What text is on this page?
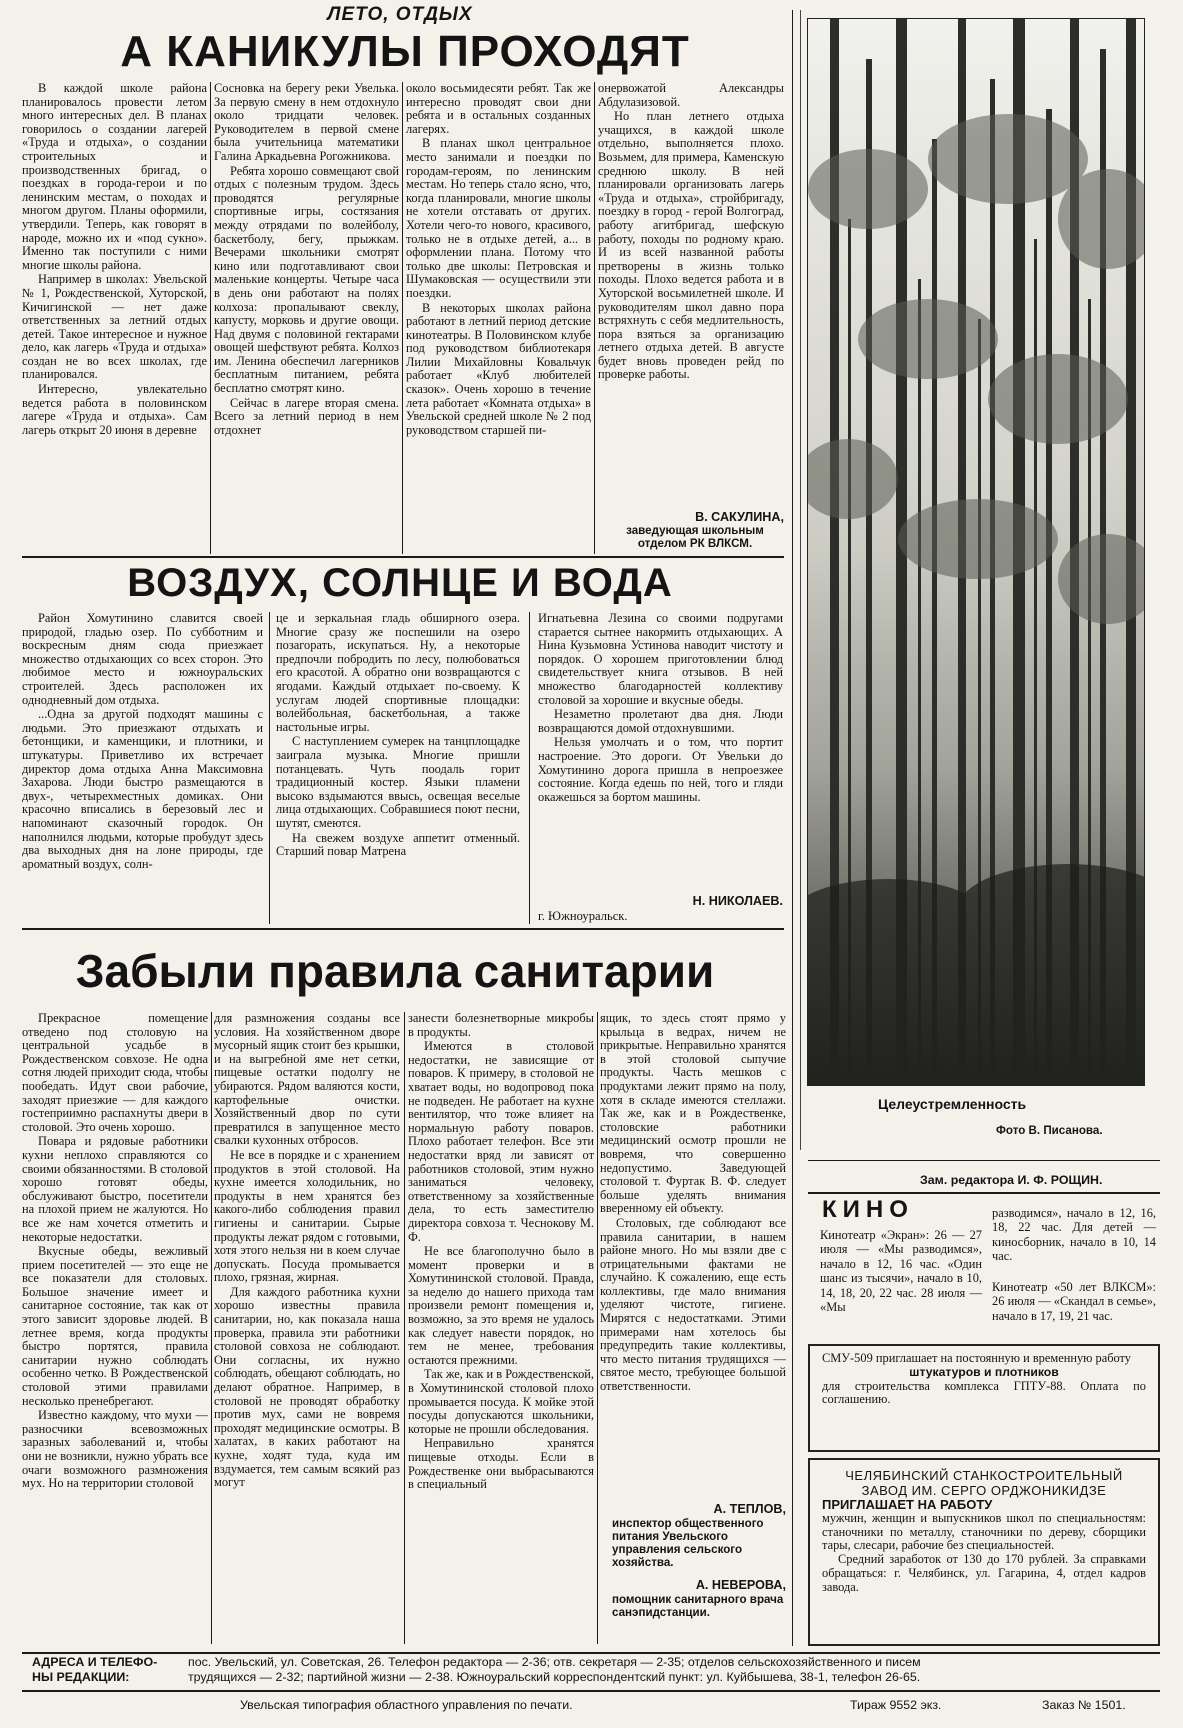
ЛЕТО, ОТДЫХ
А КАНИКУЛЫ ПРОХОДЯТ

В каждой школе района планировалось провести летом много интересных дел. В планах говорилось о создании лагерей «Труда и отдыха», о создании строительных и производственных бригад, о поездках в города-герои и по ленинским местам, о походах и многом другом. Планы оформили, утвердили. Теперь, как говорят в народе, можно их и «под сукно». Именно так поступили с ними многие школы района.

Например в школах: Увельской № 1, Рождественской, Хуторской, Кичигинской — нет даже ответственных за летний отдых детей. Такое интересное и нужное дело, как лагерь «Труда и отдыха» создан не во всех школах, где планировался.

Интересно, увлекательно ведется работа в половинском лагере «Труда и отдыха». Сам лагерь открыт 20 июня в деревне

Сосновка на берегу реки Увелька. За первую смену в нем отдохнуло около тридцати человек. Руководителем в первой смене была учительница математики Галина Аркадьевна Рогожникова.

Ребята хорошо совмещают свой отдых с полезным трудом. Здесь проводятся регулярные спортивные игры, состязания между отрядами по волейболу, баскетболу, бегу, прыжкам. Вечерами школьники смотрят кино или подготавливают свои маленькие концерты. Четыре часа в день они работают на полях колхоза: пропалывают свеклу, капусту, морковь и другие овощи. Над двумя с половиной гектарами овощей шефствуют ребята. Колхоз им. Ленина обеспечил лагерников бесплатным питанием, ребята бесплатно смотрят кино.

Сейчас в лагере вторая смена. Всего за летний период в нем отдохнет

около восьмидесяти ребят. Так же интересно проводят свои дни ребята и в остальных созданных лагерях.

В планах школ центральное место занимали и поездки по городам-героям, по ленинским местам. Но теперь стало ясно, что, когда планировали, многие школы не хотели отставать от других. Хотели чего-то нового, красивого, только не в отдыхе детей, а... в оформлении плана. Потому что только две школы: Петровская и Шумаковская — осуществили эти поездки.

В некоторых школах района работают в летний период детские кинотеатры. В Половинском клубе под руководством библиотекаря Лилии Михайловны Ковальчук работает «Клуб любителей сказок». Очень хорошо в течение лета работает «Комната отдыха» в Увельской средней школе № 2 под руководством старшей пи-

онервожатой Александры Абдулазизовой.

Но план летнего отдыха учащихся, в каждой школе отдельно, выполняется плохо. Возьмем, для примера, Каменскую среднюю школу. В ней планировали организовать лагерь «Труда и отдыха», стройбригаду, поездку в город - герой Волгоград, работу агитбригад, шефскую работу, походы по родному краю. И из всей названной работы претворены в жизнь только походы. Плохо ведется работа и в Хуторской восьмилетней школе. И руководителям школ давно пора встряхнуть с себя медлительность, пора взяться за организацию летнего отдыха детей. В августе будет вновь проведен рейд по проверке работы.

В. САКУЛИНА,
заведующая школьным отделом РК ВЛКСМ.
ВОЗДУХ, СОЛНЦЕ И ВОДА

Район Хомутинино славится своей природой, гладью озер. По субботним и воскресным дням сюда приезжает множество отдыхающих со всех сторон. Это любимое место и южноуральских строителей. Здесь расположен их однодневный дом отдыха.

...Одна за другой подходят машины с людьми. Это приезжают отдыхать и бетонщики, и каменщики, и плотники, и штукатуры. Приветливо их встречает директор дома отдыха Анна Максимовна Захарова. Люди быстро размещаются в двух-, четырехместных домиках. Они красочно вписались в березовый лес и напоминают сказочный городок. Он наполнился людьми, которые пробудут здесь два выходных дня на лоне природы, где ароматный воздух, солн-

це и зеркальная гладь обширного озера. Многие сразу же поспешили на озеро позагорать, искупаться. Ну, а некоторые предпочли побродить по лесу, полюбоваться его красотой. А обратно они возвращаются с ягодами. Каждый отдыхает по-своему. К услугам людей спортивные площадки: волейбольная, баскетбольная, а также настольные игры.

С наступлением сумерек на танцплощадке заиграла музыка. Многие пришли потанцевать. Чуть поодаль горит традиционный костер. Языки пламени высоко вздымаются ввысь, освещая веселые лица отдыхающих. Собравшиеся поют песни, шутят, смеются.

На свежем воздухе аппетит отменный. Старший повар Матрена

Игнатьевна Лезина со своими подругами старается сытнее накормить отдыхающих. А Нина Кузьмовна Устинова наводит чистоту и порядок. О хорошем приготовлении блюд свидетельствует книга отзывов. В ней множество благодарностей коллективу столовой за хорошие и вкусные обеды.

Незаметно пролетают два дня. Люди возвращаются домой отдохнувшими.

Нельзя умолчать и о том, что портит настроение. Это дороги. От Увельки до Хомутинино дорога пришла в непроезжее состояние. Когда едешь по ней, того и гляди окажешься за бортом машины.

Н. НИКОЛАЕВ.
г. Южноуральск.
Забыли правила санитарии

Прекрасное помещение отведено под столовую на центральной усадьбе в Рождественском совхозе. Не одна сотня людей приходит сюда, чтобы пообедать. Идут свои рабочие, заходят приезжие — для каждого гостеприимно распахнуты двери в столовой. Это очень хорошо.

Повара и рядовые работники кухни неплохо справляются со своими обязанностями. В столовой хорошо готовят обеды, обслуживают быстро, посетители на плохой прием не жалуются. Но все же нам хочется отметить и некоторые недостатки.

Вкусные обеды, вежливый прием посетителей — это еще не все показатели для столовых. Большое значение имеет и санитарное состояние, так как от этого зависит здоровье людей. В летнее время, когда продукты быстро портятся, правила санитарии нужно соблюдать особенно четко. В Рождественской столовой этими правилами несколько пренебрегают.

Известно каждому, что мухи — разносчики всевозможных заразных заболеваний и, чтобы они не возникли, нужно убрать все очаги возможного размножения мух. Но на территории столовой

для размножения созданы все условия. На хозяйственном дворе мусорный ящик стоит без крышки, и на выгребной яме нет сетки, пищевые остатки подолгу не убираются. Рядом валяются кости, картофельные очистки. Хозяйственный двор по сути превратился в запущенное место свалки кухонных отбросов.

Не все в порядке и с хранением продуктов в этой столовой. На кухне имеется холодильник, но продукты в нем хранятся без какого-либо соблюдения правил гигиены и санитарии. Сырые продукты лежат рядом с готовыми, хотя этого нельзя ни в коем случае допускать. Посуда промывается плохо, грязная, жирная.

Для каждого работника кухни хорошо известны правила санитарии, но, как показала наша проверка, правила эти работники столовой совхоза не соблюдают. Они согласны, их нужно соблюдать, обещают соблюдать, но делают обратное. Например, в столовой не проводят обработку против мух, сами не вовремя проходят медицинские осмотры. В халатах, в каких работают на кухне, ходят туда, куда им вздумается, тем самым всякий раз могут

занести болезнетворные микробы в продукты.

Имеются в столовой недостатки, не зависящие от поваров. К примеру, в столовой не хватает воды, но водопровод пока не подведен. Не работает на кухне вентилятор, что тоже влияет на нормальную работу поваров. Плохо работает телефон. Все эти недостатки вряд ли зависят от работников столовой, этим нужно заниматься человеку, ответственному за хозяйственные дела, то есть заместителю директора совхоза т. Чеснокову М. Ф.

Не все благополучно было в момент проверки и в Хомутининской столовой. Правда, за неделю до нашего прихода там произвели ремонт помещения и, возможно, за это время не удалось как следует навести порядок, но тем не менее, требования остаются прежними.

Так же, как и в Рождественской, в Хомутининской столовой плохо промывается посуда. К мойке этой посуды допускаются школьники, которые не прошли обследования.

Неправильно хранятся пищевые отходы. Если в Рождественке они выбрасываются в специальный

ящик, то здесь стоят прямо у крыльца в ведрах, ничем не прикрытые. Неправильно хранятся в этой столовой сыпучие продукты. Часть мешков с продуктами лежит прямо на полу, хотя в складе имеются стеллажи. Так же, как и в Рождественке, столовские работники медицинский осмотр прошли не вовремя, что совершенно недопустимо. Заведующей столовой т. Фуртак В. Ф. следует больше уделять внимания вверенному ей объекту.

Столовых, где соблюдают все правила санитарии, в нашем районе много. Но мы взяли две с отрицательными фактами не случайно. К сожалению, еще есть коллективы, где мало внимания уделяют чистоте, гигиене. Мирятся с недостатками. Этими примерами нам хотелось бы предупредить такие коллективы, что место питания трудящихся — святое место, требующее большой ответственности.

А. ТЕПЛОВ,
инспектор общественного питания Увельского управления сельского хозяйства.
А. НЕВЕРОВА,
помощник санитарного врача санэпидстанции.
Целеустремленность
Фото В. Писанова.
Зам. редактора И. Ф. РОЩИН.
КИНО
Кинотеатр «Экран»: 26 — 27 июля — «Мы разводимся», начало в 12, 16 час. «Один шанс из тысячи», начало в 10, 14, 18, 20, 22 час. 28 июля — «Мы
разводимся», начало в 12, 16, 18, 22 час. Для детей — киносборник, начало в 10, 14 час.
Кинотеатр «50 лет ВЛКСМ»: 26 июля — «Скандал в семье», начало в 17, 19, 21 час.

СМУ-509 приглашает на постоянную и временную работу

штукатуров и плотников

для строительства комплекса ГПТУ-88. Оплата по соглашению.

ЧЕЛЯБИНСКИЙ СТАНКОСТРОИТЕЛЬНЫЙ ЗАВОД ИМ. СЕРГО ОРДЖОНИКИДЗЕ

ПРИГЛАШАЕТ НА РАБОТУ

мужчин, женщин и выпускников школ по специальностям: станочники по металлу, станочники по дереву, сборщики тары, слесари, рабочие без специальностей.

Средний заработок от 130 до 170 рублей. За справками обращаться: г. Челябинск, ул. Гагарина, 4, отдел кадров завода.

АДРЕСА И ТЕЛЕФО-
НЫ РЕДАКЦИИ:
пос. Увельский, ул. Советская, 26. Телефон редактора — 2-36; отв. секретаря — 2-35; отделов сельскохозяйственного и писем
трудящихся — 2-32; партийной жизни — 2-38. Южноуральский корреспондентский пункт: ул. Куйбышева, 38-1, телефон 26-65.
Увельская типография областного управления по печати.	Тираж 9552 экз.	Заказ № 1501.
